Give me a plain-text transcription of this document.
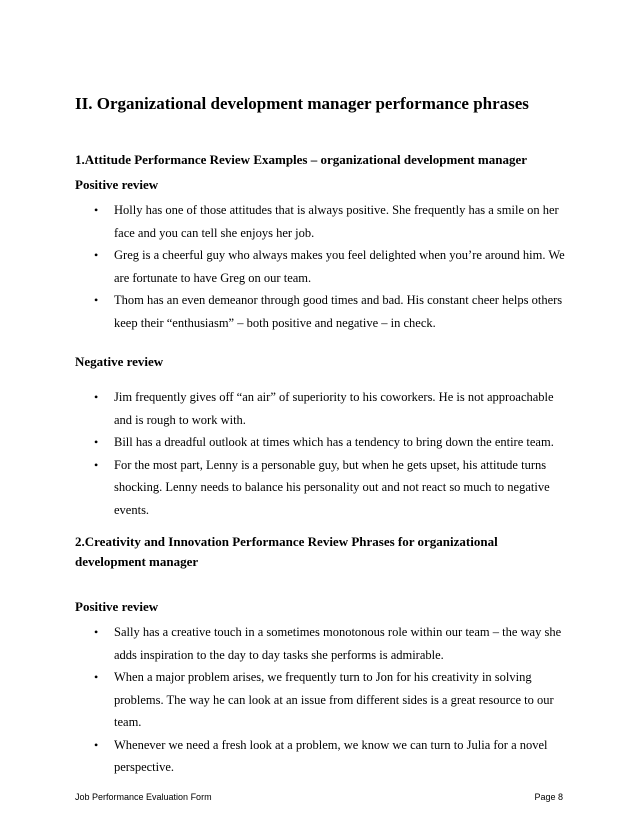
II. Organizational development manager performance phrases
1.Attitude Performance Review Examples – organizational development manager
Positive review
• Holly has one of those attitudes that is always positive. She frequently has a smile on her face and you can tell she enjoys her job.
• Greg is a cheerful guy who always makes you feel delighted when you’re around him. We are fortunate to have Greg on our team.
• Thom has an even demeanor through good times and bad. His constant cheer helps others keep their “enthusiasm” – both positive and negative – in check.
Negative review
• Jim frequently gives off “an air” of superiority to his coworkers. He is not approachable and is rough to work with.
• Bill has a dreadful outlook at times which has a tendency to bring down the entire team.
• For the most part, Lenny is a personable guy, but when he gets upset, his attitude turns shocking. Lenny needs to balance his personality out and not react so much to negative events.
2.Creativity and Innovation Performance Review Phrases for organizational development manager
Positive review
• Sally has a creative touch in a sometimes monotonous role within our team – the way she adds inspiration to the day to day tasks she performs is admirable.
• When a major problem arises, we frequently turn to Jon for his creativity in solving problems. The way he can look at an issue from different sides is a great resource to our team.
• Whenever we need a fresh look at a problem, we know we can turn to Julia for a novel perspective.
Job Performance Evaluation Form	Page 8
